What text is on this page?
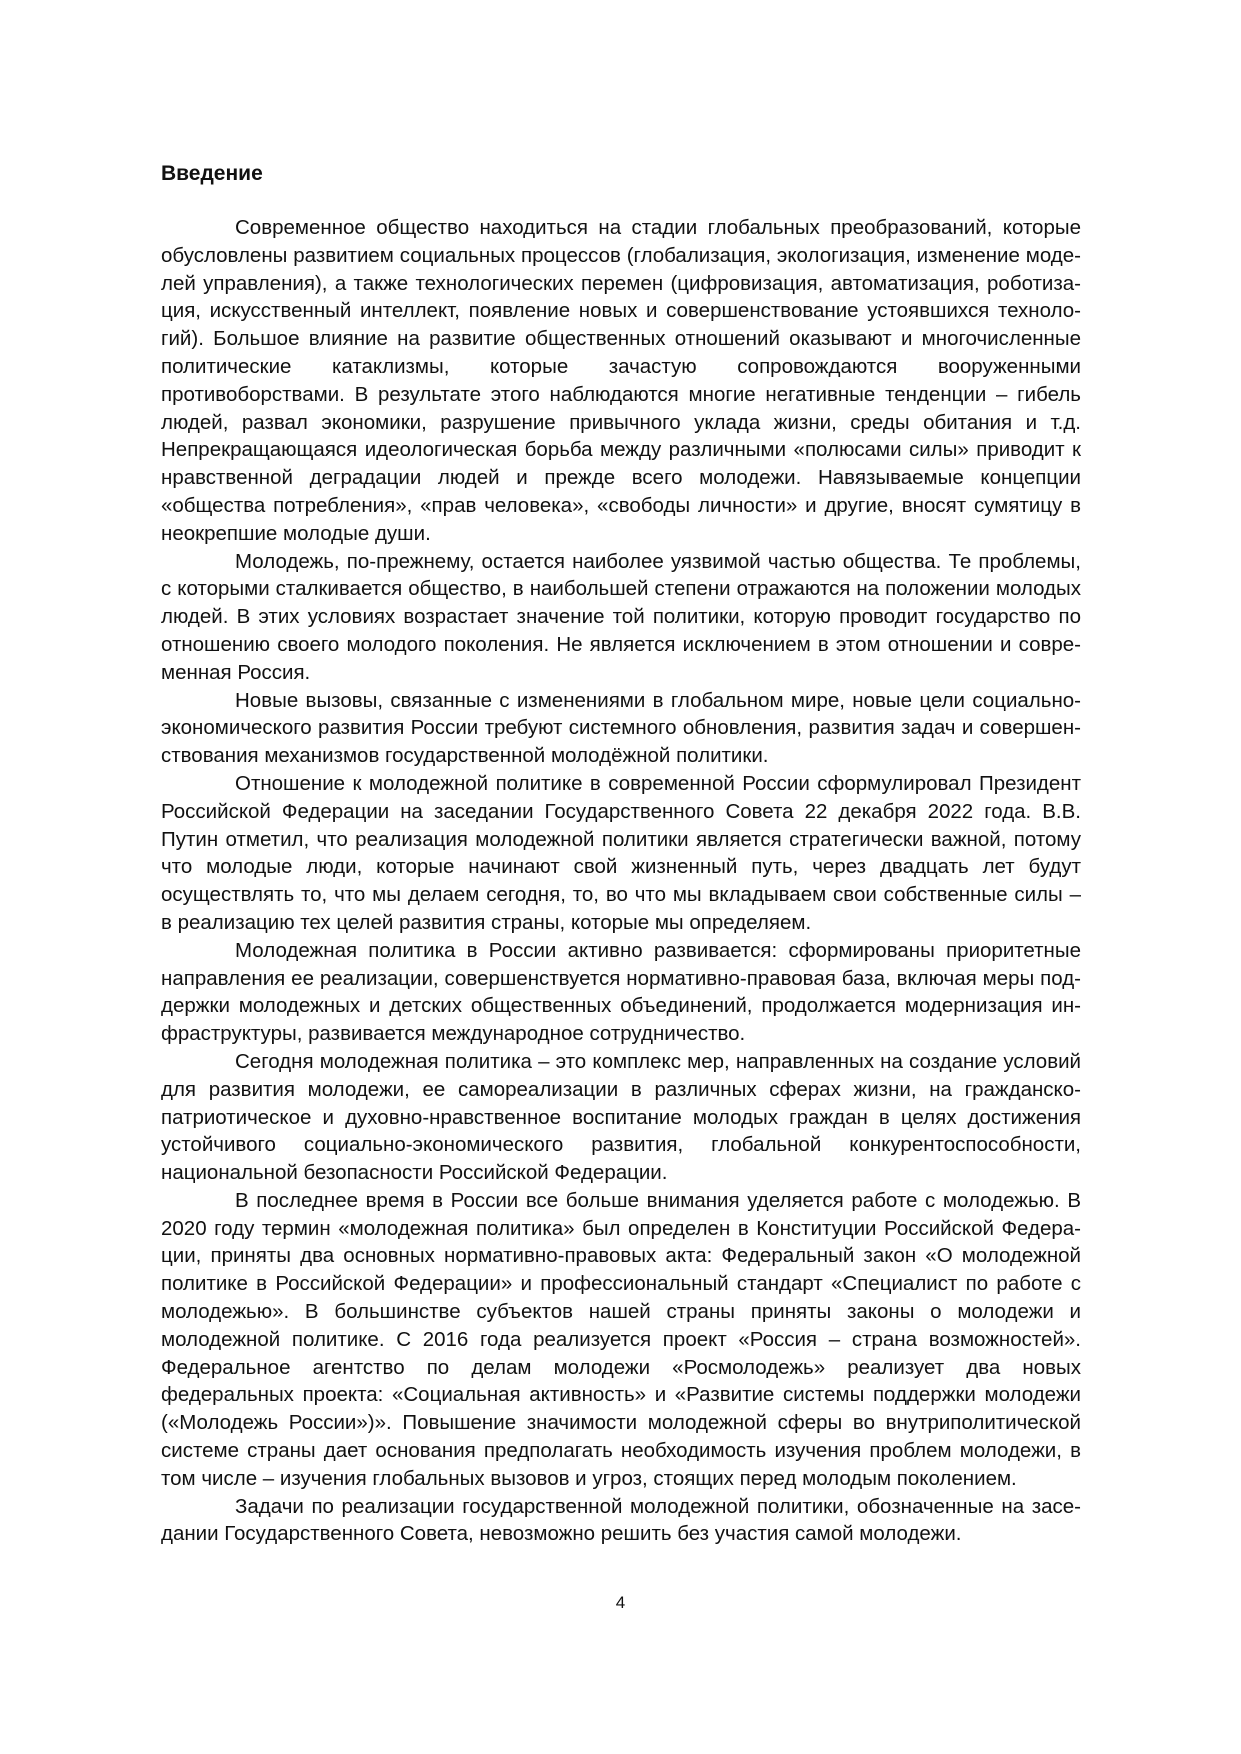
Введение

Современное общество находиться на стадии глобальных преобразований, которые обусловлены развитием социальных процессов (глобализация, экологизация, изменение моделей управления), а также технологических перемен (цифровизация, автоматизация, роботизация, искусственный интеллект, появление новых и совершенствование устоявшихся технологий). Большое влияние на развитие общественных отношений оказывают и многочисленные политические катаклизмы, которые зачастую сопровождаются вооруженными противоборствами. В результате этого наблюдаются многие негативные тенденции – гибель людей, развал экономики, разрушение привычного уклада жизни, среды обитания и т.д. Непрекращающаяся идеологическая борьба между различными «полюсами силы» приводит к нравственной деградации людей и прежде всего молодежи. Навязываемые концепции «общества потребления», «прав человека», «свободы личности» и другие, вносят сумятицу в неокрепшие молодые души.

Молодежь, по-прежнему, остается наиболее уязвимой частью общества. Те проблемы, с которыми сталкивается общество, в наибольшей степени отражаются на положении молодых людей. В этих условиях возрастает значение той политики, которую проводит государство по отношению своего молодого поколения. Не является исключением в этом отношении и современная Россия.

Новые вызовы, связанные с изменениями в глобальном мире, новые цели социально-экономического развития России требуют системного обновления, развития задач и совершенствования механизмов государственной молодёжной политики.

Отношение к молодежной политике в современной России сформулировал Президент Российской Федерации на заседании Государственного Совета 22 декабря 2022 года. В.В. Путин отметил, что реализация молодежной политики является стратегически важной, потому что молодые люди, которые начинают свой жизненный путь, через двадцать лет будут осуществлять то, что мы делаем сегодня, то, во что мы вкладываем свои собственные силы – в реализацию тех целей развития страны, которые мы определяем.

Молодежная политика в России активно развивается: сформированы приоритетные направления ее реализации, совершенствуется нормативно-правовая база, включая меры поддержки молодежных и детских общественных объединений, продолжается модернизация инфраструктуры, развивается международное сотрудничество.

Сегодня молодежная политика – это комплекс мер, направленных на создание условий для развития молодежи, ее самореализации в различных сферах жизни, на гражданско-патриотическое и духовно-нравственное воспитание молодых граждан в целях достижения устойчивого социально-экономического развития, глобальной конкурентоспособности, национальной безопасности Российской Федерации.

В последнее время в России все больше внимания уделяется работе с молодежью. В 2020 году термин «молодежная политика» был определен в Конституции Российской Федерации, приняты два основных нормативно-правовых акта: Федеральный закон «О молодежной политике в Российской Федерации» и профессиональный стандарт «Специалист по работе с молодежью». В большинстве субъектов нашей страны приняты законы о молодежи и молодежной политике. С 2016 года реализуется проект «Россия – страна возможностей». Федеральное агентство по делам молодежи «Росмолодежь» реализует два новых федеральных проекта: «Социальная активность» и «Развитие системы поддержки молодежи («Молодежь России»)». Повышение значимости молодежной сферы во внутриполитической системе страны дает основания предполагать необходимость изучения проблем молодежи, в том числе – изучения глобальных вызовов и угроз, стоящих перед молодым поколением.

Задачи по реализации государственной молодежной политики, обозначенные на заседании Государственного Совета, невозможно решить без участия самой молодежи.

4
